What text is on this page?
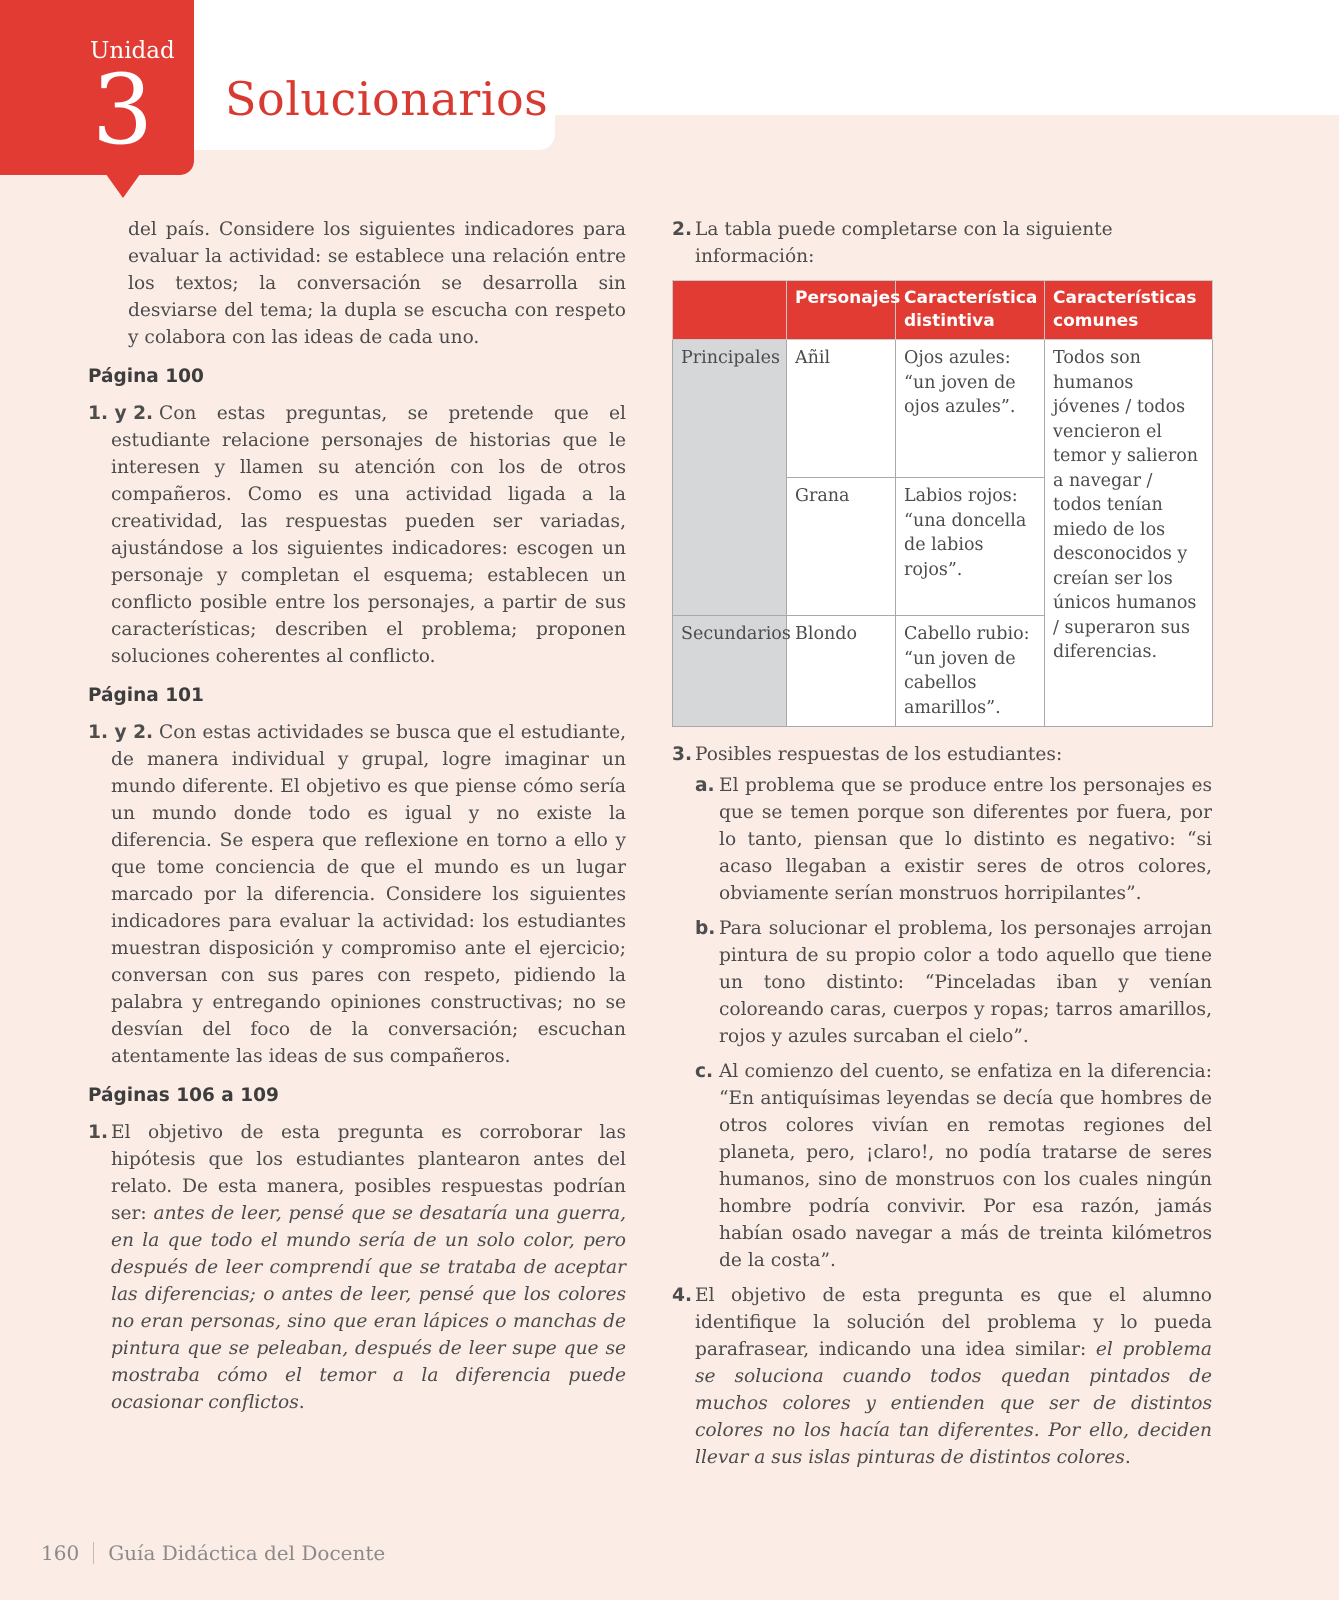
Unidad
3 Solucionarios

del país. Considere los siguientes indicadores para evaluar la actividad: se establece una relación entre los textos; la conversación se desarrolla sin desviarse del tema; la dupla se escucha con respeto y colabora con las ideas de cada uno.

Página 100
1. y 2. Con estas preguntas, se pretende que el estudiante relacione personajes de historias que le interesen y llamen su atención con los de otros compañeros. Como es una actividad ligada a la creatividad, las respuestas pueden ser variadas, ajustándose a los siguientes indicadores: escogen un personaje y completan el esquema; establecen un conflicto posible entre los personajes, a partir de sus características; describen el problema; proponen soluciones coherentes al conflicto.

Página 101
1. y 2. Con estas actividades se busca que el estudiante, de manera individual y grupal, logre imaginar un mundo diferente. El objetivo es que piense cómo sería un mundo donde todo es igual y no existe la diferencia. Se espera que reflexione en torno a ello y que tome conciencia de que el mundo es un lugar marcado por la diferencia. Considere los siguientes indicadores para evaluar la actividad: los estudiantes muestran disposición y compromiso ante el ejercicio; conversan con sus pares con respeto, pidiendo la palabra y entregando opiniones constructivas; no se desvían del foco de la conversación; escuchan atentamente las ideas de sus compañeros.

Páginas 106 a 109
1. El objetivo de esta pregunta es corroborar las hipótesis que los estudiantes plantearon antes del relato. De esta manera, posibles respuestas podrían ser: antes de leer, pensé que se desataría una guerra, en la que todo el mundo sería de un solo color, pero después de leer comprendí que se trataba de aceptar las diferencias; o antes de leer, pensé que los colores no eran personas, sino que eran lápices o manchas de pintura que se peleaban, después de leer supe que se mostraba cómo el temor a la diferencia puede ocasionar conflictos.

2. La tabla puede completarse con la siguiente información:

	Personajes	Característica distintiva	Características comunes
Principales	Añil	Ojos azules: “un joven de ojos azules”.	Todos son humanos jóvenes / todos vencieron el temor y salieron a navegar / todos tenían miedo de los desconocidos y creían ser los únicos humanos / superaron sus diferencias.
	Grana	Labios rojos: “una doncella de labios rojos”.	
Secundarios	Blondo	Cabello rubio: “un joven de cabellos amarillos”.	
3. Posibles respuestas de los estudiantes:

a. El problema que se produce entre los personajes es que se temen porque son diferentes por fuera, por lo tanto, piensan que lo distinto es negativo: “si acaso llegaban a existir seres de otros colores, obviamente serían monstruos horripilantes”.

b. Para solucionar el problema, los personajes arrojan pintura de su propio color a todo aquello que tiene un tono distinto: “Pinceladas iban y venían coloreando caras, cuerpos y ropas; tarros amarillos, rojos y azules surcaban el cielo”.

c. Al comienzo del cuento, se enfatiza en la diferencia: “En antiquísimas leyendas se decía que hombres de otros colores vivían en remotas regiones del planeta, pero, ¡claro!, no podía tratarse de seres humanos, sino de monstruos con los cuales ningún hombre podría convivir. Por esa razón, jamás habían osado navegar a más de treinta kilómetros de la costa”.

4. El objetivo de esta pregunta es que el alumno identifique la solución del problema y lo pueda parafrasear, indicando una idea similar: el problema se soluciona cuando todos quedan pintados de muchos colores y entienden que ser de distintos colores no los hacía tan diferentes. Por ello, deciden llevar a sus islas pinturas de distintos colores.

160 Guía Didáctica del Docente
